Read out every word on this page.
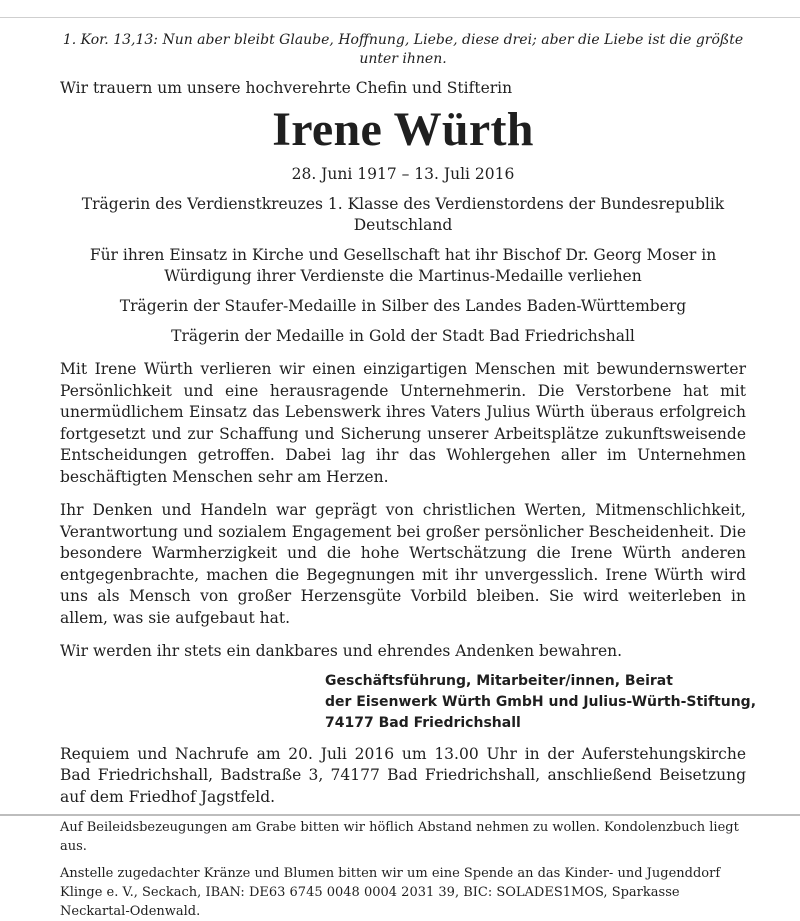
1. Kor. 13,13: Nun aber bleibt Glaube, Hoffnung, Liebe, diese drei; aber die Liebe ist die größte unter ihnen.

Wir trauern um unsere hochverehrte Chefin und Stifterin

Irene Würth

28. Juni 1917 – 13. Juli 2016

Trägerin des Verdienstkreuzes 1. Klasse des Verdienstordens der Bundesrepublik Deutschland

Für ihren Einsatz in Kirche und Gesellschaft hat ihr Bischof Dr. Georg Moser in Würdigung ihrer Verdienste die Martinus-Medaille verliehen

Trägerin der Staufer-Medaille in Silber des Landes Baden-Württemberg

Trägerin der Medaille in Gold der Stadt Bad Friedrichshall

Mit Irene Würth verlieren wir einen einzigartigen Menschen mit bewundernswerter Persönlichkeit und eine herausragende Unternehmerin. Die Verstorbene hat mit unermüdlichem Einsatz das Lebenswerk ihres Vaters Julius Würth überaus erfolgreich fortgesetzt und zur Schaffung und Sicherung unserer Arbeitsplätze zukunftsweisende Entscheidungen getroffen. Dabei lag ihr das Wohlergehen aller im Unternehmen beschäftigten Menschen sehr am Herzen.

Ihr Denken und Handeln war geprägt von christlichen Werten, Mitmenschlichkeit, Verantwortung und sozialem Engagement bei großer persönlicher Bescheidenheit. Die besondere Warmherzigkeit und die hohe Wertschätzung die Irene Würth anderen entgegenbrachte, machen die Begegnungen mit ihr unvergesslich. Irene Würth wird uns als Mensch von großer Herzensgüte Vorbild bleiben. Sie wird weiterleben in allem, was sie aufgebaut hat.

Wir werden ihr stets ein dankbares und ehrendes Andenken bewahren.

Geschäftsführung, Mitarbeiter/innen, Beirat
der Eisenwerk Würth GmbH und Julius-Würth-Stiftung,
74177 Bad Friedrichshall

Requiem und Nachrufe am 20. Juli 2016 um 13.00 Uhr in der Auferstehungskirche Bad Friedrichshall, Badstraße 3, 74177 Bad Friedrichshall, anschließend Beisetzung auf dem Friedhof Jagstfeld.

Auf Beileidsbezeugungen am Grabe bitten wir höflich Abstand nehmen zu wollen. Kondolenzbuch liegt aus.

Anstelle zugedachter Kränze und Blumen bitten wir um eine Spende an das Kinder- und Jugenddorf Klinge e. V., Seckach, IBAN: DE63 6745 0048 0004 2031 39, BIC: SOLADES1MOS, Sparkasse Neckartal-Odenwald.
